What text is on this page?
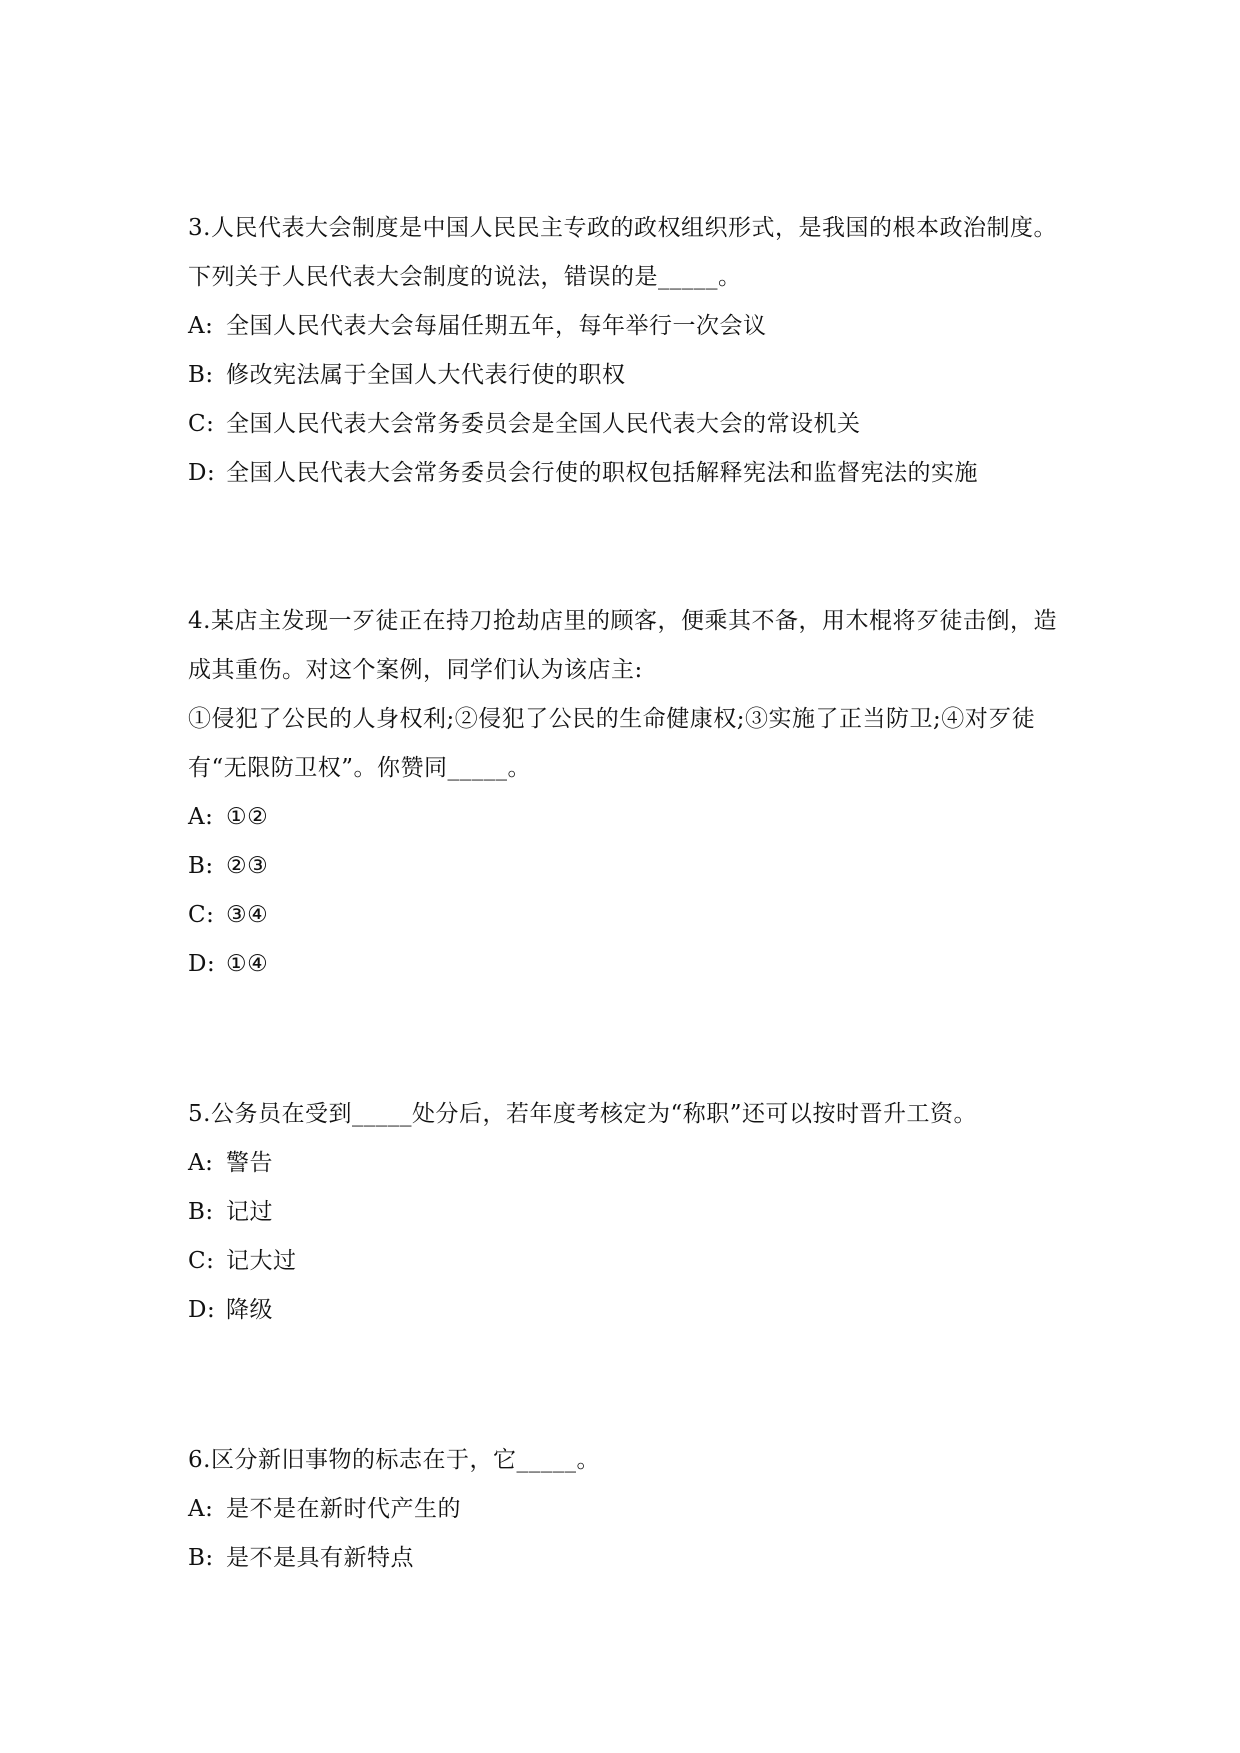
3.人民代表大会制度是中国人民民主专政的政权组织形式，是我国的根本政治制度。下列关于人民代表大会制度的说法，错误的是_____。

A: 全国人民代表大会每届任期五年，每年举行一次会议
B: 修改宪法属于全国人大代表行使的职权
C: 全国人民代表大会常务委员会是全国人民代表大会的常设机关
D: 全国人民代表大会常务委员会行使的职权包括解释宪法和监督宪法的实施

4.某店主发现一歹徒正在持刀抢劫店里的顾客，便乘其不备，用木棍将歹徒击倒，造成其重伤。对这个案例，同学们认为该店主:

①侵犯了公民的人身权利;②侵犯了公民的生命健康权;③实施了正当防卫;④对歹徒有“无限防卫权”。你赞同_____。

A: ①②
B: ②③
C: ③④
D: ①④

5.公务员在受到_____处分后，若年度考核定为“称职”还可以按时晋升工资。

A: 警告
B: 记过
C: 记大过
D: 降级

6.区分新旧事物的标志在于，它_____。

A: 是不是在新时代产生的
B: 是不是具有新特点
